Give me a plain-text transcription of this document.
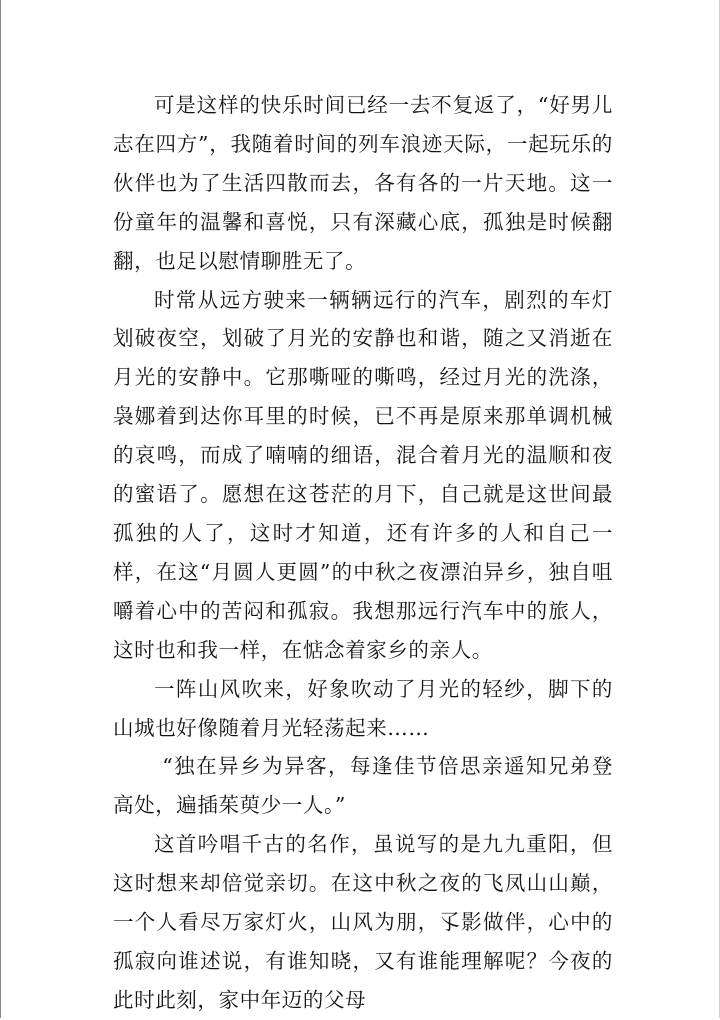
可是这样的快乐时间已经一去不复返了，“好男儿志在四方”，我随着时间的列车浪迹天际，一起玩乐的伙伴也为了生活四散而去，各有各的一片天地。这一份童年的温馨和喜悦，只有深藏心底，孤独是时候翻翻，也足以慰情聊胜无了。

时常从远方驶来一辆辆远行的汽车，剧烈的车灯划破夜空，划破了月光的安静也和谐，随之又消逝在月光的安静中。它那嘶哑的嘶鸣，经过月光的洗涤，袅娜着到达你耳里的时候，已不再是原来那单调机械的哀鸣，而成了喃喃的细语，混合着月光的温顺和夜的蜜语了。愿想在这苍茫的月下，自己就是这世间最孤独的人了，这时才知道，还有许多的人和自己一样，在这“月圆人更圆”的中秋之夜漂泊异乡，独自咀嚼着心中的苦闷和孤寂。我想那远行汽车中的旅人，这时也和我一样，在惦念着家乡的亲人。

一阵山风吹来，好象吹动了月光的轻纱，脚下的山城也好像随着月光轻荡起来……

“独在异乡为异客，每逢佳节倍思亲遥知兄弟登高处，遍插茱萸少一人。”

这首吟唱千古的名作，虽说写的是九九重阳，但这时想来却倍觉亲切。在这中秋之夜的飞凤山山巅，一个人看尽万家灯火，山风为朋，孓影做伴，心中的孤寂向谁述说，有谁知晓，又有谁能理解呢？今夜的此时此刻，家中年迈的父母
